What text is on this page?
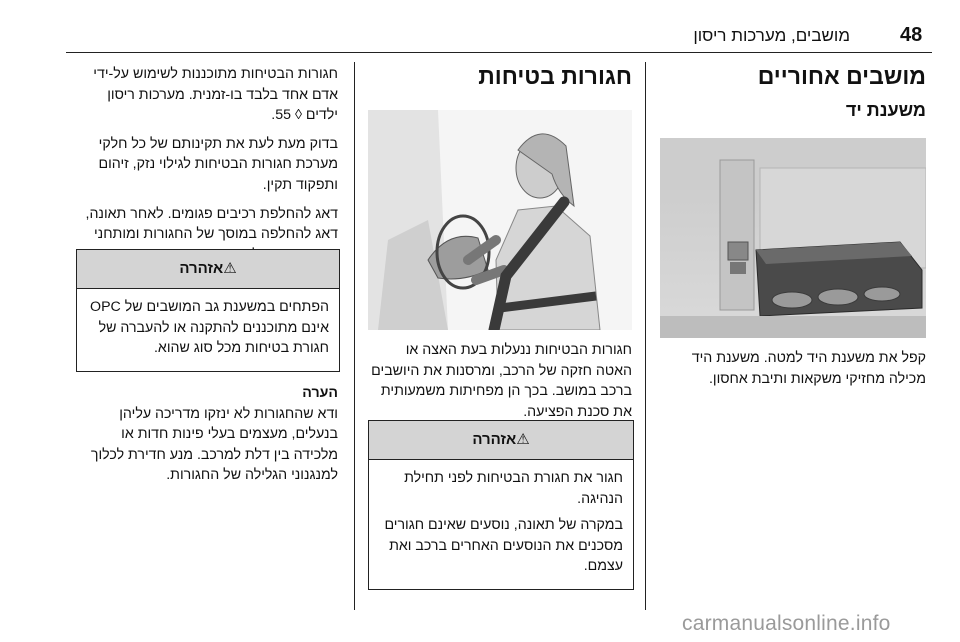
48
מושבים, מערכות ריסון
מושבים אחוריים
משענת יד

קפל את משענת היד למטה. משענת היד מכילה מחזיקי משקאות ותיבת אחסון.

חגורות בטיחות

חגורות הבטיחות ננעלות בעת האצה או האטה חזקה של הרכב, ומרסנות את היושבים ברכב במושב. בכך הן מפחיתות משמעותית את סכנת הפציעה.

⚠אזהרה

חגור את חגורת הבטיחות לפני תחילת הנהיגה.

במקרה של תאונה, נוסעים שאינם חגורים מסכנים את הנוסעים האחרים ברכב ואת עצמם.

חגורות הבטיחות מתוכננות לשימוש על-ידי אדם אחד בלבד בו-זמנית. מערכות ריסון ילדים ◊ 55.

בדוק מעת לעת את תקינותם של כל חלקי מערכת חגורות הבטיחות לגילוי נזק, זיהום ותפקוד תקין.

דאג להחלפת רכיבים פגומים. לאחר תאונה, דאג להחלפה במוסך של החגורות ומותחני

⚠אזהרה

הפתחים במשענת גב המושבים של OPC אינם מתוכננים להתקנה או להעברה של חגורת בטיחות מכל סוג שהוא.

הערה

ודא שהחגורות לא ינזקו מדריכה עליהן בנעלים, מעצמים בעלי פינות חדות או מלכידה בין דלת למרכב. מנע חדירת לכלוך למנגנוני הגלילה של החגורות.

carmanualsonline.info
